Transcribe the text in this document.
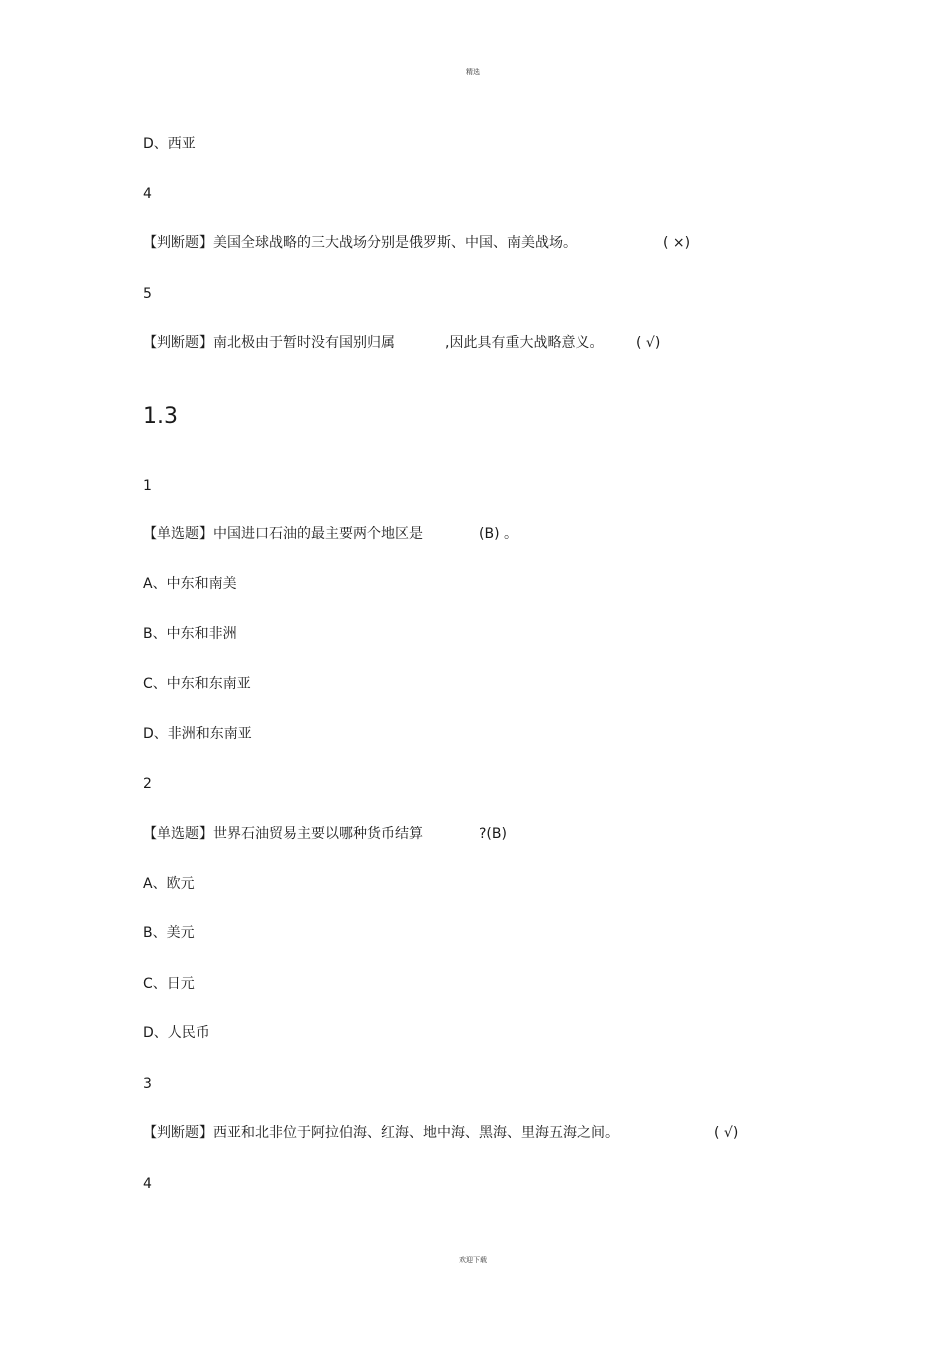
精选
D、西亚
4
【判断题】美国全球战略的三大战场分别是俄罗斯、中国、南美战场。	( ×)
5
【判断题】南北极由于暂时没有国别归属	,因此具有重大战略意义。 ( √)
1.3
1
【单选题】中国进口石油的最主要两个地区是	(B) 。
A、中东和南美
B、中东和非洲
C、中东和东南亚
D、非洲和东南亚
2
【单选题】世界石油贸易主要以哪种货币结算	?(B)
A、欧元
B、美元
C、日元
D、人民币
3
【判断题】西亚和北非位于阿拉伯海、红海、地中海、黑海、里海五海之间。	( √)
4
欢迎下载
